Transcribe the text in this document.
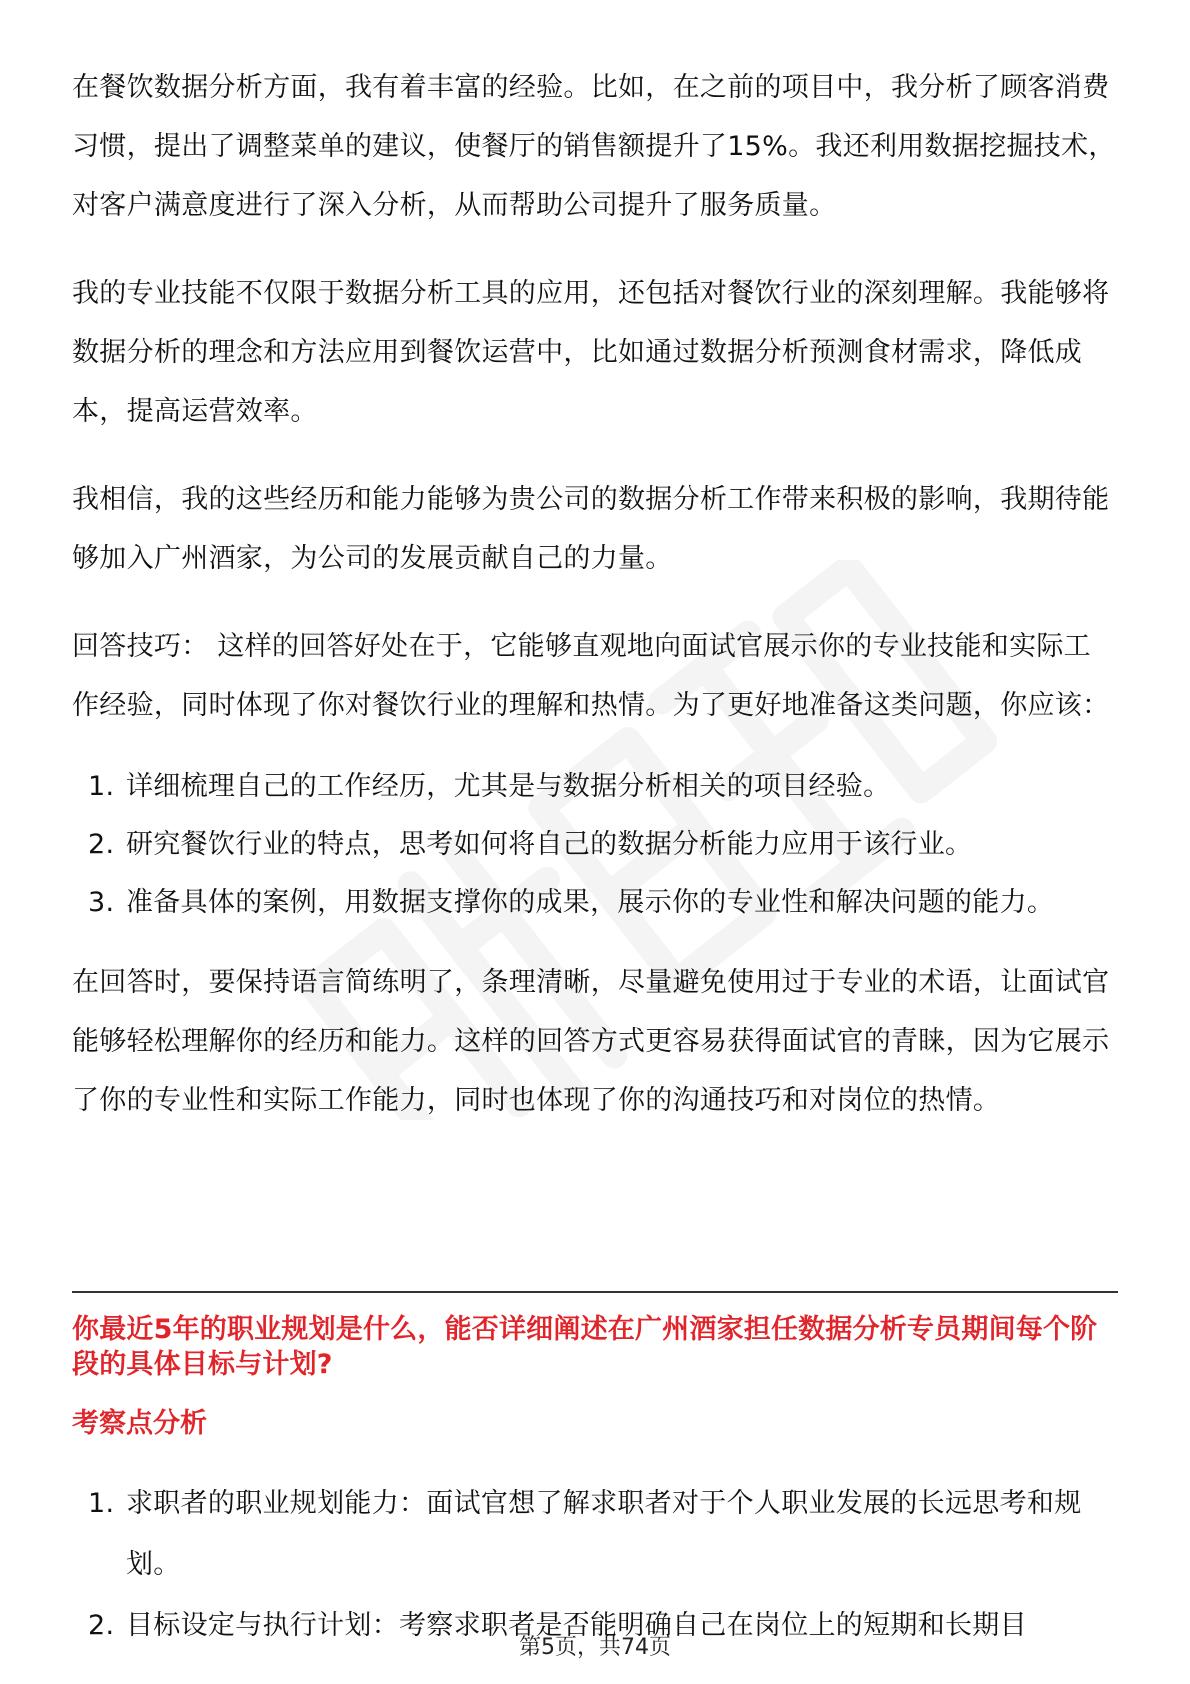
在餐饮数据分析方面，我有着丰富的经验。比如，在之前的项目中，我分析了顾客消费习惯，提出了调整菜单的建议，使餐厅的销售额提升了15%。我还利用数据挖掘技术，对客户满意度进行了深入分析，从而帮助公司提升了服务质量。

我的专业技能不仅限于数据分析工具的应用，还包括对餐饮行业的深刻理解。我能够将数据分析的理念和方法应用到餐饮运营中，比如通过数据分析预测食材需求，降低成本，提高运营效率。

我相信，我的这些经历和能力能够为贵公司的数据分析工作带来积极的影响，我期待能够加入广州酒家，为公司的发展贡献自己的力量。

回答技巧： 这样的回答好处在于，它能够直观地向面试官展示你的专业技能和实际工作经验，同时体现了你对餐饮行业的理解和热情。为了更好地准备这类问题，你应该：

1. 详细梳理自己的工作经历，尤其是与数据分析相关的项目经验。
2. 研究餐饮行业的特点，思考如何将自己的数据分析能力应用于该行业。
3. 准备具体的案例，用数据支撑你的成果，展示你的专业性和解决问题的能力。

在回答时，要保持语言简练明了，条理清晰，尽量避免使用过于专业的术语，让面试官能够轻松理解你的经历和能力。这样的回答方式更容易获得面试官的青睐，因为它展示了你的专业性和实际工作能力，同时也体现了你的沟通技巧和对岗位的热情。

你最近5年的职业规划是什么，能否详细阐述在广州酒家担任数据分析专员期间每个阶段的具体目标与计划?

考察点分析

1. 求职者的职业规划能力：面试官想了解求职者对于个人职业发展的长远思考和规划。
2. 目标设定与执行计划：考察求职者是否能明确自己在岗位上的短期和长期目
第5页，共74页
